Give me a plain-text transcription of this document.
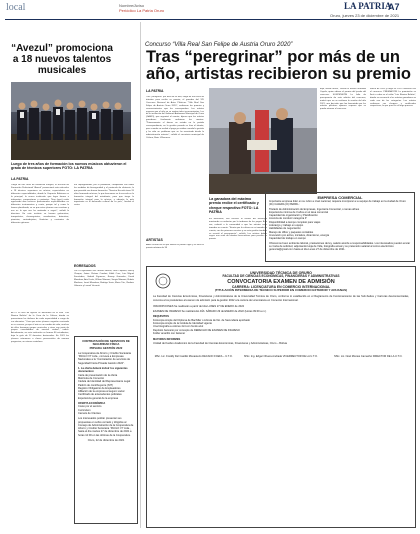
local	Nombre/Aviso
Periódico La Patria Oruro	LA PATRIA
A7
Oruro, jueves 23 de diciembre de 2021
“Avezul” promociona a 18 nuevos talentos musicales
Luego de tres años de formación los nuevos músicos obtuvieron el grado de técnicos superiores FOTO: LA PATRIA
LA PATRIA
Luego de tres años de formación integral, la Escuela de Formación Profesional “Avezul” promocionó este miércoles a 18 técnicos superiores en música, especialistas en diferentes especialidades, donde la Orquesta Boliviana es la principal, la nueva institución que logra formar a intérpretes, compositores y cantantes. “Hoy (ayer) están egresando diez músicos profesionales especializados en diferentes instrumentos y canto, porque tal y como lo hemos planificado, se ve que estos jóvenes son creativos y eso es lo que nos ha motivado a seguir”, señaló la directora. En este instituto se forman guitarristas, trompetistas, charanguistas, saxofonistas, bateristas, pianistas, contrabajistas, flautistas y cantantes de diferentes géneros.
ACTO El acto de egreso se desarrolló en la sala “Luis Ramiro Beltrán” de la Casa de la Cultura, donde se presentaron los titulares de cada especialidad a cargo de sus docentes. “Creo que estos jóvenes seguirán creciendo en su carrera, ya que el arte es un cambio de vida, muchos de ellos formaron grupos musicales y otros son parte de grupos consolidados de nuestra ciudad”, indicó. Actualmente, en esta institución se forman 80 estudiantes, bajo la guía de 12 docentes destacados. En 2021 los jóvenes retornaron a clases presenciales de manera progresiva, un retorno cauteloso.
fue reprogramado, por la pandemia, cumpliendo con todas las medidas de bioseguridad y el protocolo de distancia, lo que permitió una buena formación. “Nuestra Escuela tiene 20 años formando músicos, lo que buscamos en la escuela es la formación integral del estudiante, para que tenga la formación integral para la música, y además lo más importante es el desarrollo cultural de su país”, finalizó el rector.
EGRESADOS
Los 18 egresados son: Moisés Bernal, Juan Chipana, Nancy Choque, Jaime Chávez Condori, Edith Cruz, Luis Miguel Fernández, Gabriel Figueroa, Jhonny Gonzales, David Mendoza, Ariel León, Wilson Mamani, Sergio Mamani, Rubén Martínez, Israel Mendoza, Rodrigo Soria, Mario Tito, Vladimir Valencia y Leonel Vincenti.
CONTRATACIÓN DE SERVICIOS DE SEGURIDAD FÍSICA
PRIVADA GESTIÓN 2022
La Cooperativa de Ahorro y Crédito Societaria “PAULO VI” Ltda., convoca a Empresas Nacionales a la “Contratación de servicios de Seguridad Física Privada Gestión 2022”.
1. La oferta deberá incluir los siguientes documentos:
Carta de presentación de la oferta
Matrícula de Comercio
Cédula de Identidad del Representante Legal
Padrón de contribuyente (NIT)
Registro Obligatorio de Empleadores
Afiliación de la empresa al seguro social
Certificado de antecedentes policiales
Experiencia general de la empresa
OFERTA ECONÓMICA
Costo por el servicio
Curriculum
Carnets de Clientes
Los interesados podrán presentar sus propuestas en sobre cerrado y dirigidos al Consejo de Administración de la Cooperativa de Ahorro y Crédito Societaria “PAULO VI” Ltda., hasta el día martes 27 de diciembre de 2021 a horas 12:00 en las oficinas de la Cooperativa.
Oruro, 22 de diciembre de 2021
Concurso “Villa Real San Felipe de Austria Oruro 2020”
Tras “peregrinar” por más de un año, artistas recibieron su premio
LA PATRIA
Tras “peregrinar” por más de un año, luego de una serie de trámites para recibir su premio, el ganador del XIV Concurso Nacional de Artes Plásticas “Villa Real San Felipe de Austria Oruro 2020”, recibieron los premios y reconocimientos que les corresponden. Los artistas esperan que el año no se repitan tales inconvenientes. Los de la institución del Gobierno Autónomo Municipal de Oruro (GAMO), que organizó el evento, dijeron que los artistas ganadores finalmente recibieron los montos. “Primeramente el dinero no estaba en la partida correspondiente, en la gestión pasada se hizo el trámite, pero cuando se realizó el pago ya estaba cerrada la gestión y ha sido un problema que se ha arrastrado desde la administración anterior”, señaló el secretario municipal de Cultura, Boris Villanueva.
ARTISTAS
Adilia Durant fue la que obtuvo el primer lugar y se llevó el premio máximo de 30
La ganadora del máximo premio recibe el certificado y cheque respectivo FOTO: LA PATRIA
mil bolivianos, ella recorrió la oficina del municipio mostrando su malestar por la tardanza de los pagos. A la vez, exhortó a la comunidad a que los artistas sean tomados en cuenta. “Siento que la cultura no es tomada en cuenta, son los primeros recortes y en esta gestión también se recortó el presupuesto”, señaló. Los artistas deben seguir una serie de trámites burocráticos para percibir su premio.
bajo, desde ahora”, señaló el artista Fernando Caprile, quien obtuvo el premio del jurado del concurso. SUSPENSIÓN La falta de presupuesto de esta edición del concurso, motivó que no se realizara la versión del año 2021, una decisión que fue lamentada por los artistas plásticos quienes esperan que se pueda retomar el concurso.
Marca de 2020 y luego en 2022 continuar con el concurso. PREMIACIÓN La premiación se llevó a cabo en el salón “Luis Ramiro Beltrán”, donde se reconoció a los artistas ganadores en cada una de las categorías. Los artistas recibieron sus cheques y certificados respectivos, lo que puso fin al largo proceso.
EMPRESA COMERCIAL
Importante empresa líder en su rubro a nivel nacional, requiere incorporar a su equipo de trabajo en la ciudad de Oruro (01) CAJERA (O) PERFIL:
Titulado de Administración de Empresas, Ingeniería Comercial, o ramas afines
Experiencia mínima de 3 años en el área comercial
Capacidad de organización y Planificación
Licencia de conducir categoría P
Disponibilidad a tiempo completo para viajes
Liderazgo y trabajo en equipo
Habilidades de negociación
Manejo de office y paquetes contables
Innovación pro activo, iniciativa, dinamismo, energía
Capacidad de trabajo en campo
Ofrecemos buen ambiente laboral, prestaciones de ley, salario acorde a responsabilidades. Los interesados pueden enviar su Carta de solicitud, adjuntando Hoja de Vida, fotografía actual y su pretensión salarial al correo electrónico gerencia@gmail.com hasta el día Lunes 27 de diciembre de 2021.
UNIVERSIDAD TÉCNICA DE ORURO
FACULTAD DE CIENCIAS ECONÓMICAS, FINANCIERAS Y ADMINISTRATIVAS
CONVOCATORIA EXAMEN DE ADMISIÓN
CARRERA: LICENCIATURA EN COMERCIO INTERNACIONAL
(TITULACIÓN INTERMEDIA DE TÉCNICO SUPERIOR EN COMERCIO EXTERIOR Y ADUANAS)
La Facultad de Ciencias Económicas, Financieras y Administrativas de la Universidad Técnica de Oruro, conforme lo establecido en el Reglamento de Funcionamiento de las Sub-Sedes y Carreras desconcentradas, convoca a los postulantes al examen de admisión para la gestión 2022 a la carrera de Licenciatura en Comercio Internacional.
INSCRIPCIONES Se realizarán a partir del día LUNES 27 DE ENERO de 2022
EXAMEN DE INGRESO Se realizará EL DÍA: SÁBADO 29 de ENERO de 2022 (Horas 09:00 a.m.)
REQUISITOS
Fotocopia simple del Diploma de Bachiller o Libreta de 6to. de Secundaria aprobado
Fotocopia simple de la Cédula de Identidad vigente
Una fotografía a colores 4x4 con fondo azul
Depósito bancario por concepto de DERECHO DE EXAMEN DE INGRESO
Folder amarillo con fastener
MAYORES INFORMES
Unidad de Kardex Académico de la Facultad de Ciencias Económicas, Financieras y Administrativas, Oruro – Bolivia
MSc. Lic. Freddy Del Castillo Monasterio DECANO FCEFA – U.T.O.	MSc. Ing. Edgar Olivera Andrade VICERRECTOR DE LA U.T.O.	MSc. Lic. Noel Montes Camacho DIRECTOR DE LA U.T.O.
